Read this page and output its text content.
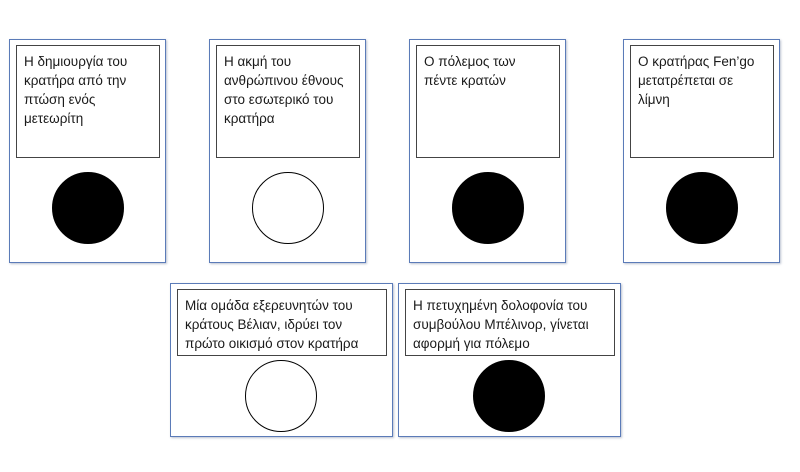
Η δημιουργία του κρατήρα από την πτώση ενός μετεωρίτη
Η ακμή του ανθρώπινου έθνους στο εσωτερικό του κρατήρα
Ο πόλεμος των πέντε κρατών
Ο κρατήρας Fen’go μετατρέπεται σε λίμνη
Μία ομάδα εξερευνητών του κράτους Βέλιαν, ιδρύει τον πρώτο οικισμό στον κρατήρα
Η πετυχημένη δολοφονία του συμβούλου Μπέλινορ, γίνεται αφορμή για πόλεμο
